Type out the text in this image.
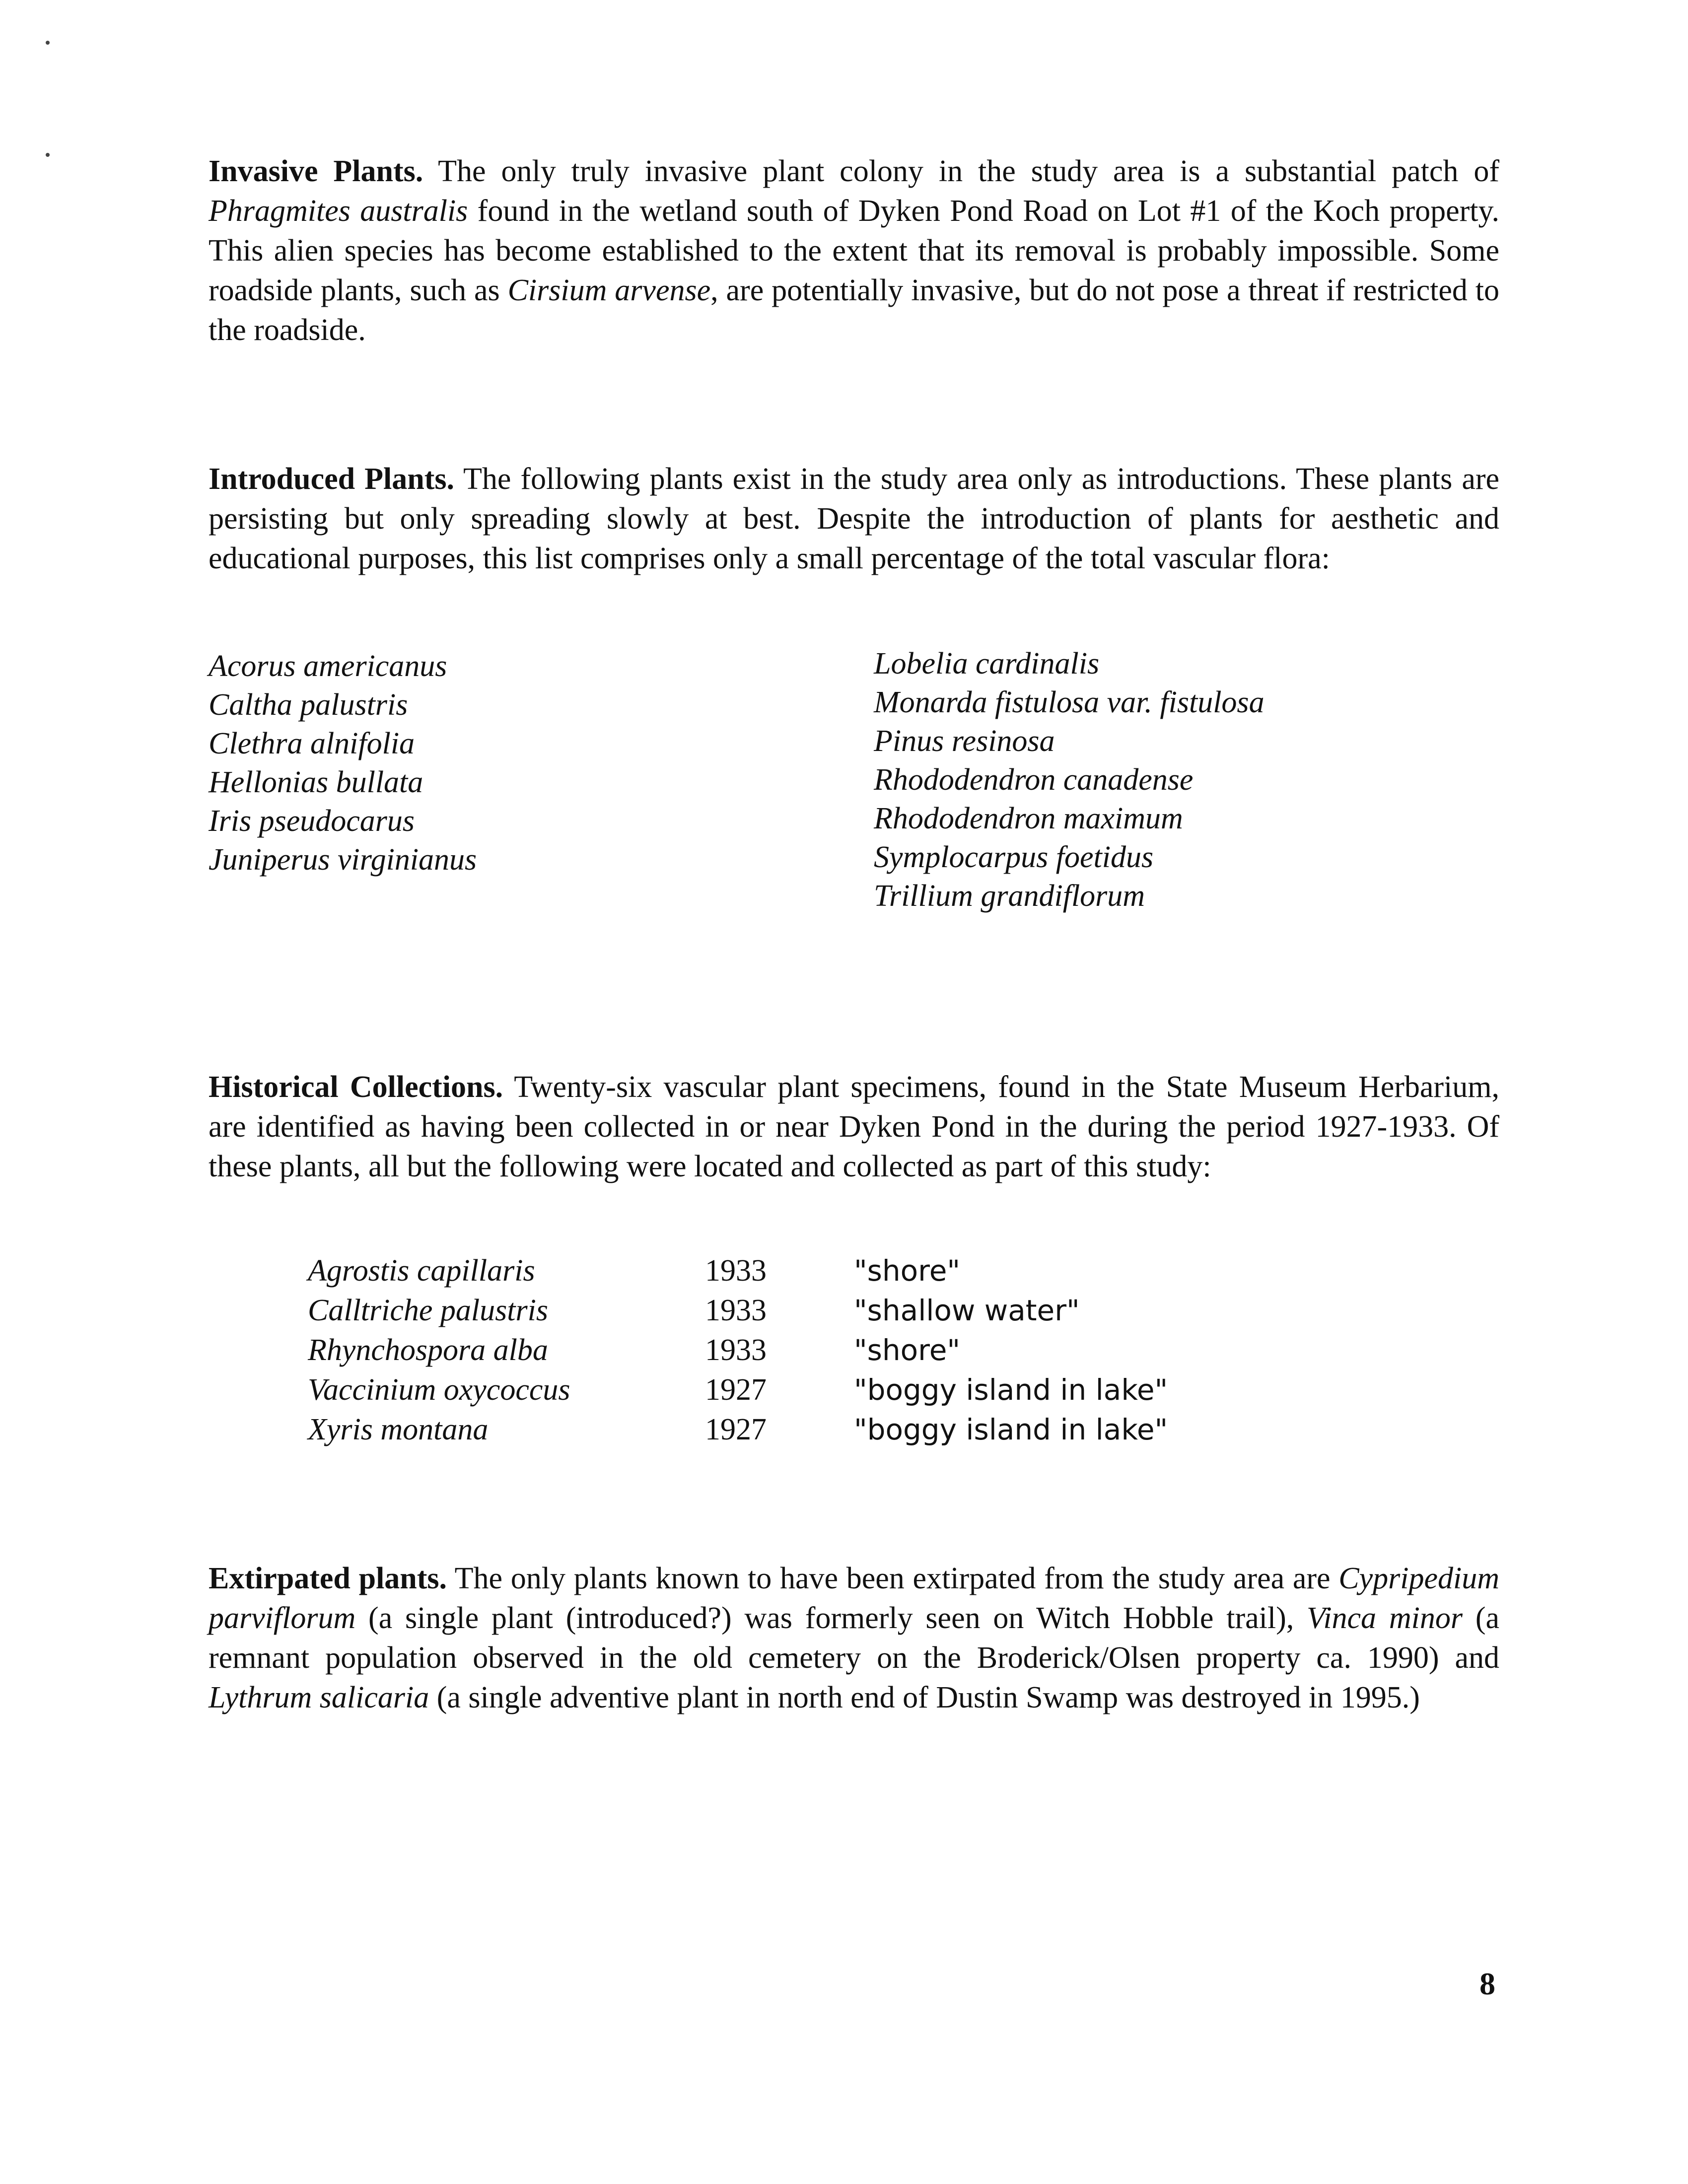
Invasive Plants. The only truly invasive plant colony in the study area is a substantial patch of Phragmites australis found in the wetland south of Dyken Pond Road on Lot #1 of the Koch property. This alien species has become established to the extent that its removal is probably impossible. Some roadside plants, such as Cirsium arvense, are potentially invasive, but do not pose a threat if restricted to the roadside.

Introduced Plants. The following plants exist in the study area only as introductions. These plants are persisting but only spreading slowly at best. Despite the introduction of plants for aesthetic and educational purposes, this list comprises only a small percentage of the total vascular flora:

Acorus americanus
Caltha palustris
Clethra alnifolia
Hellonias bullata
Iris pseudocarus
Juniperus virginianus
Lobelia cardinalis
Monarda fistulosa var. fistulosa
Pinus resinosa
Rhododendron canadense
Rhododendron maximum
Symplocarpus foetidus
Trillium grandiflorum

Historical Collections. Twenty-six vascular plant specimens, found in the State Museum Herbarium, are identified as having been collected in or near Dyken Pond in the during the period 1927-1933. Of these plants, all but the following were located and collected as part of this study:

Agrostis capillaris	1933	"shore"
Calltriche palustris	1933	"shallow water"
Rhynchospora alba	1933	"shore"
Vaccinium oxycoccus	1927	"boggy island in lake"
Xyris montana	1927	"boggy island in lake"

Extirpated plants. The only plants known to have been extirpated from the study area are Cypripedium parviflorum (a single plant (introduced?) was formerly seen on Witch Hobble trail), Vinca minor (a remnant population observed in the old cemetery on the Broderick/Olsen property ca. 1990) and Lythrum salicaria (a single adventive plant in north end of Dustin Swamp was destroyed in 1995.)

8
